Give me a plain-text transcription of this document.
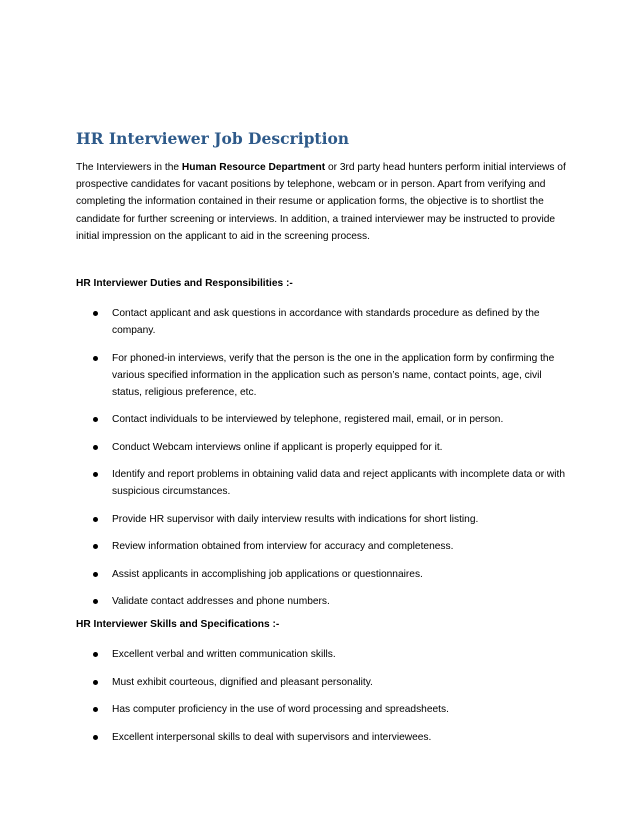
HR Interviewer Job Description

The Interviewers in the Human Resource Department or 3rd party head hunters perform initial interviews of prospective candidates for vacant positions by telephone, webcam or in person. Apart from verifying and completing the information contained in their resume or application forms, the objective is to shortlist the candidate for further screening or interviews. In addition, a trained interviewer may be instructed to provide initial impression on the applicant to aid in the screening process.

HR Interviewer Duties and Responsibilities :-

Contact applicant and ask questions in accordance with standards procedure as defined by the company.
For phoned-in interviews, verify that the person is the one in the application form by confirming the various specified information in the application such as person’s name, contact points, age, civil status, religious preference, etc.
Contact individuals to be interviewed by telephone, registered mail, email, or in person.
Conduct Webcam interviews online if applicant is properly equipped for it.
Identify and report problems in obtaining valid data and reject applicants with incomplete data or with suspicious circumstances.
Provide HR supervisor with daily interview results with indications for short listing.
Review information obtained from interview for accuracy and completeness.
Assist applicants in accomplishing job applications or questionnaires.
Validate contact addresses and phone numbers.

HR Interviewer Skills and Specifications :-

Excellent verbal and written communication skills.
Must exhibit courteous, dignified and pleasant personality.
Has computer proficiency in the use of word processing and spreadsheets.
Excellent interpersonal skills to deal with supervisors and interviewees.
